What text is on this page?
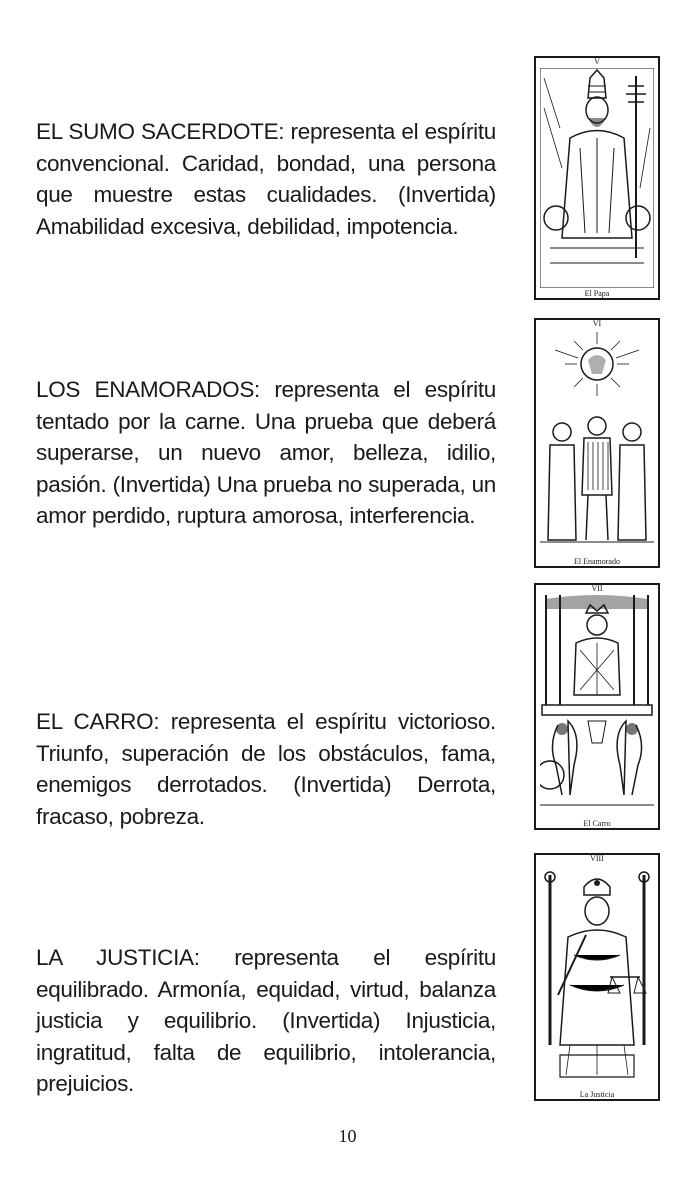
EL SUMO SACERDOTE: representa el espíritu convencional. Caridad, bondad, una persona que muestre estas cualidades. (Invertida) Amabilidad excesiva, debilidad, impotencia.

V
El Papa

LOS ENAMORADOS: representa el espíritu tentado por la carne. Una prueba que deberá superarse, un nuevo amor, belleza, idilio, pasión. (Invertida) Una prueba no superada, un amor perdido, ruptura amorosa, interferencia.

VI
El Enamorado

EL CARRO: representa el espíritu victorioso. Triunfo, superación de los obstáculos, fama, enemigos derrotados. (Invertida) Derrota, fracaso, pobreza.

VII
El Carro

LA JUSTICIA: representa el espíritu equilibrado. Armonía, equidad, virtud, balanza justicia y equilibrio. (Invertida) Injusticia, ingratitud, falta de equilibrio, intolerancia, prejuicios.

VIII
La Justicia
10
